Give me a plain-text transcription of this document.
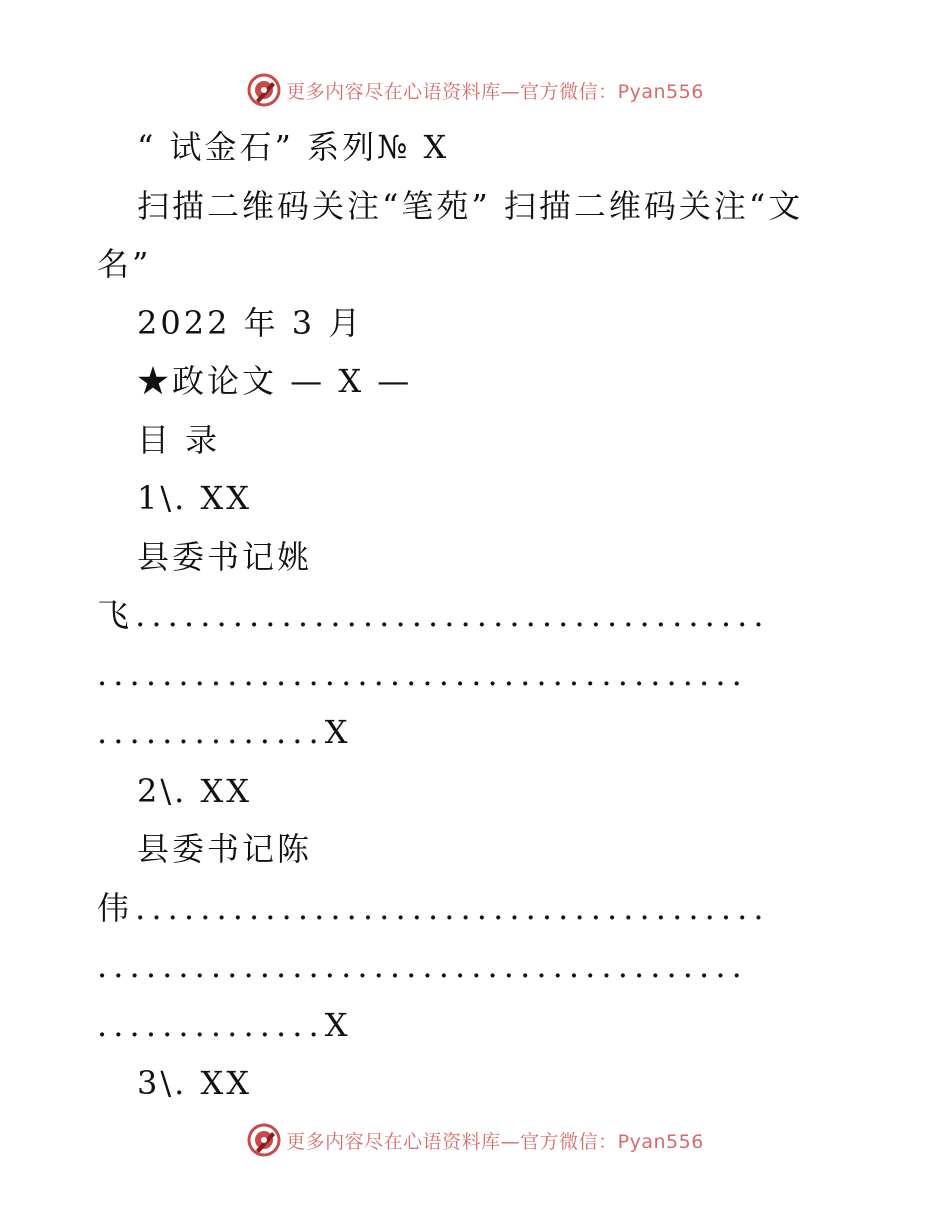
更多内容尽在心语资料库—官方微信：Pyan556
“ 试金石” 系列№ X
扫描二维码关注“笔苑” 扫描二维码关注“文
名”
2022 年 3 月
★政论文 — X —
目 录
1\. XX
县委书记姚
飞.......................................
........................................
..............X
2\. XX
县委书记陈
伟.......................................
........................................
..............X
3\. XX
更多内容尽在心语资料库—官方微信：Pyan556
